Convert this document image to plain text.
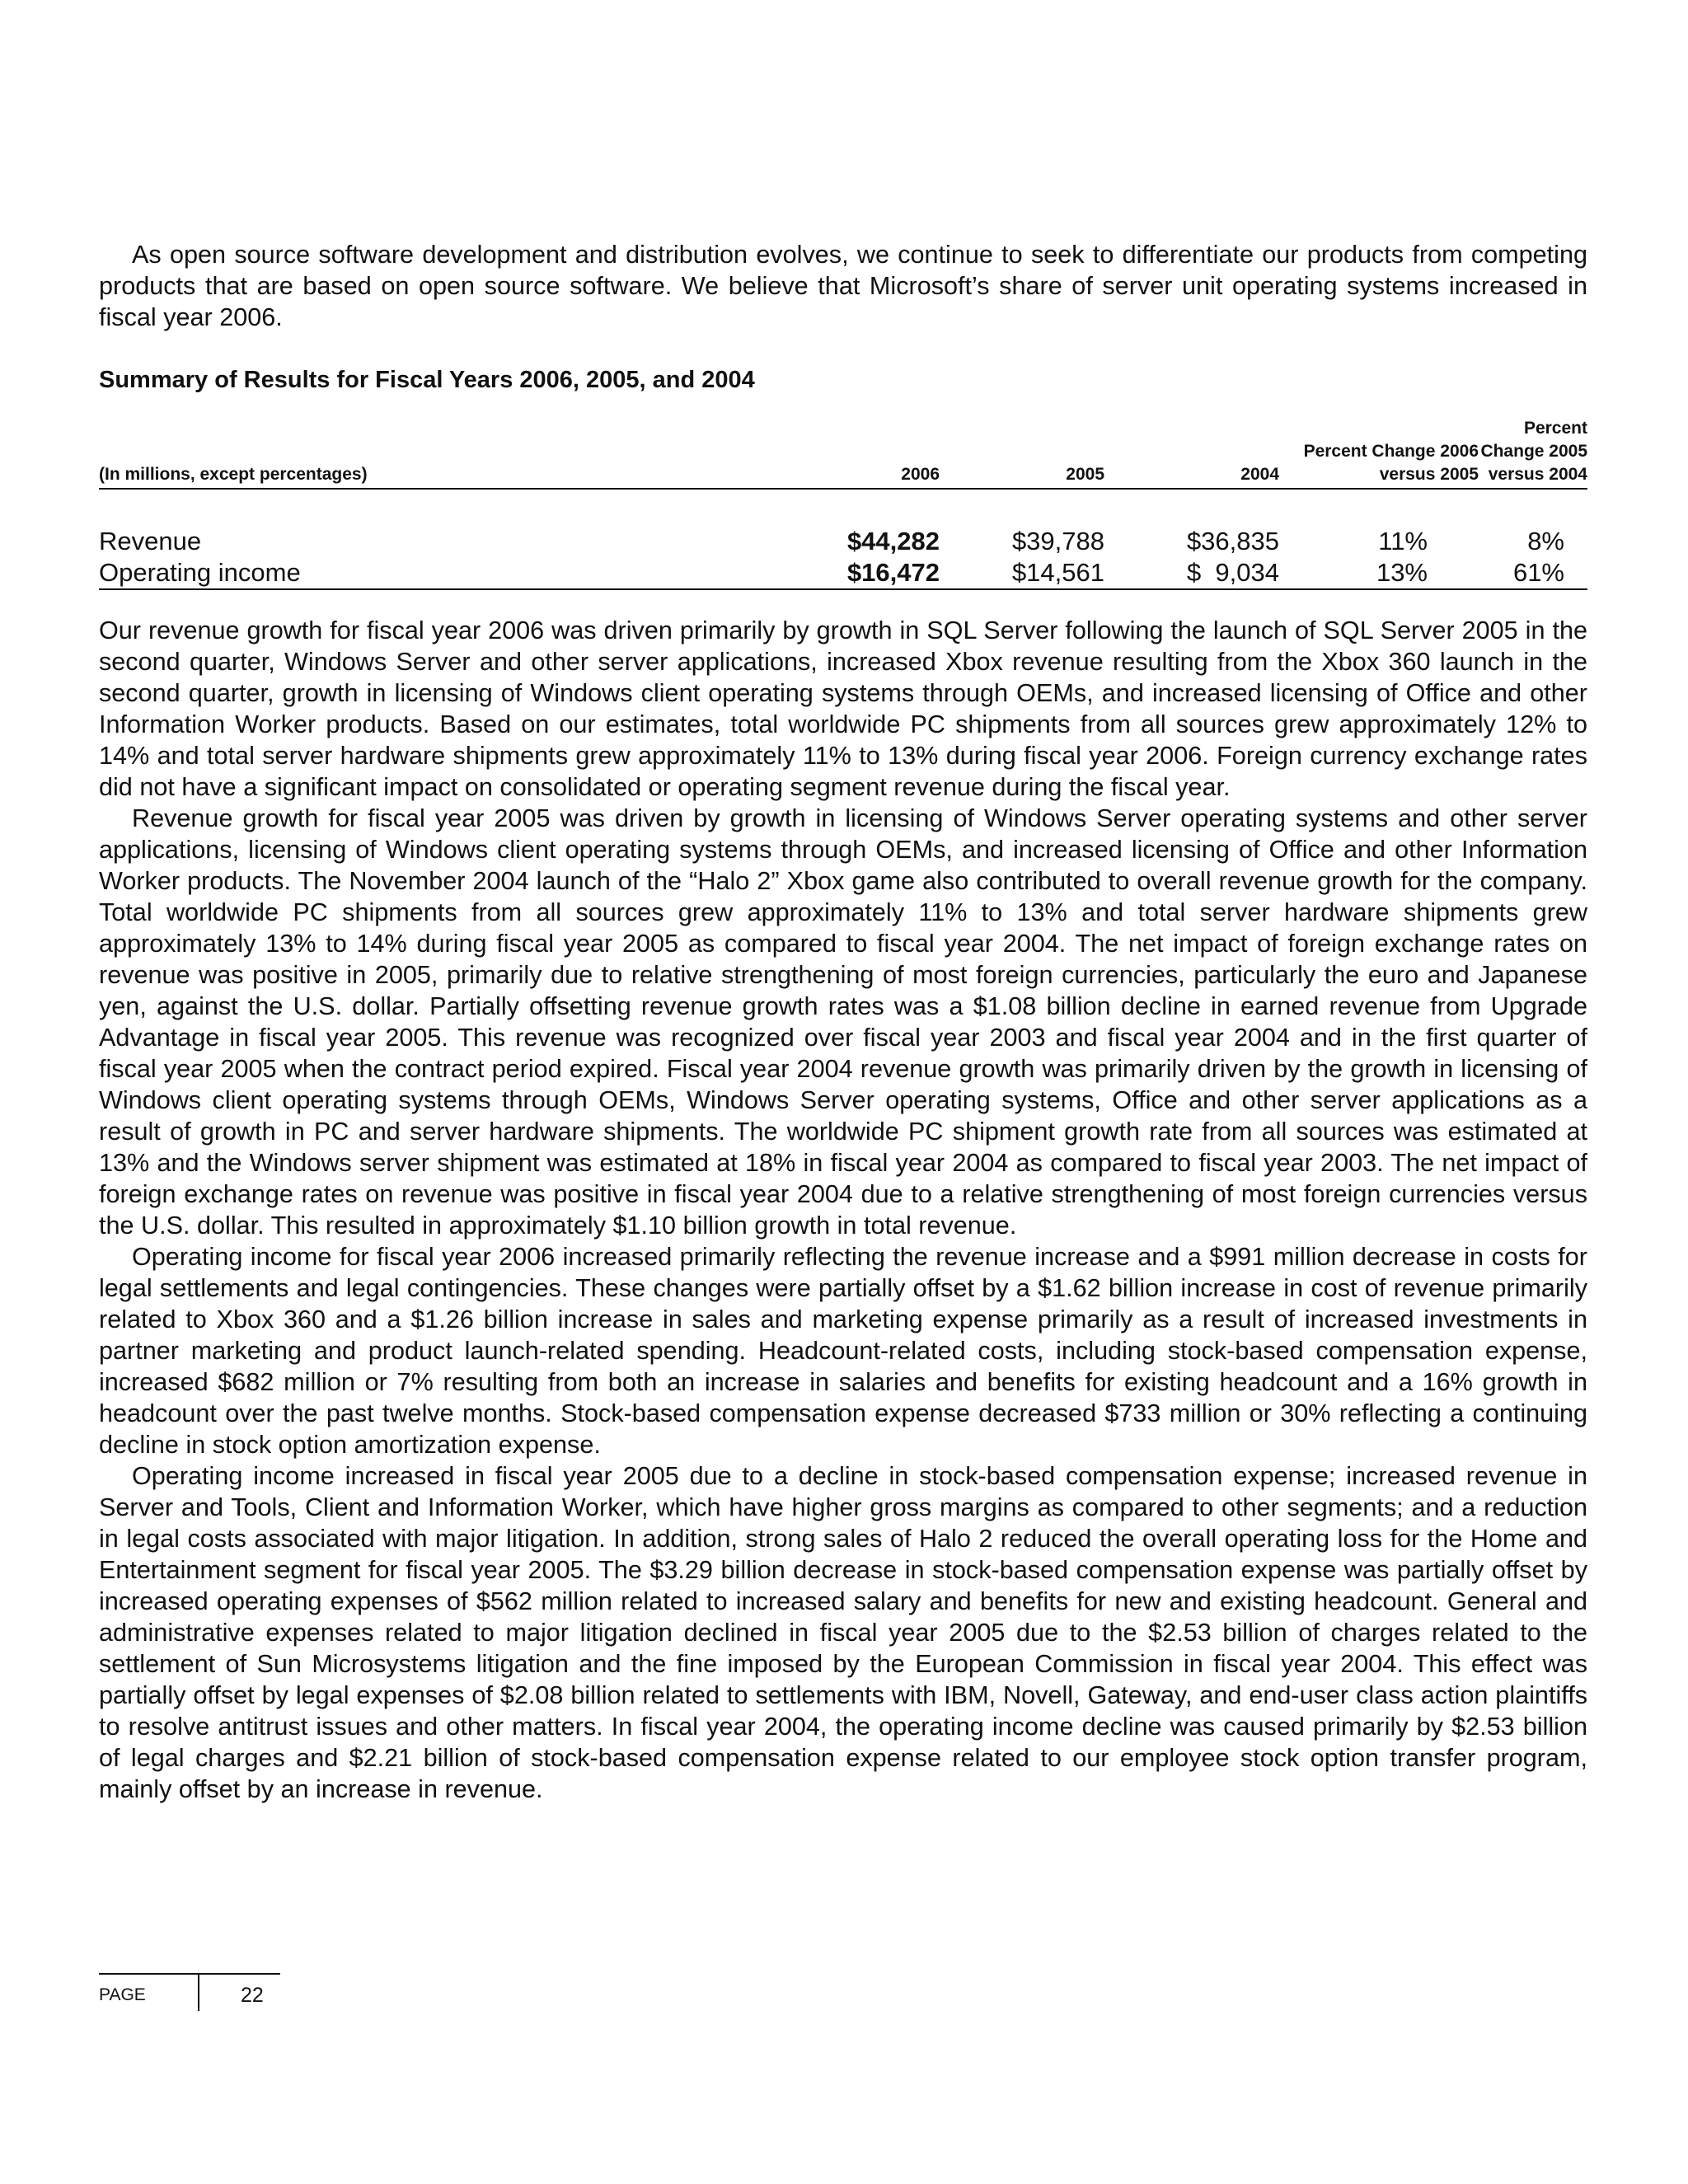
As open source software development and distribution evolves, we continue to seek to differentiate our products from competing products that are based on open source software. We believe that Microsoft’s share of server unit operating systems increased in fiscal year 2006.

Summary of Results for Fiscal Years 2006, 2005, and 2004
(In millions, except percentages)	2006	2005	2004	Percent Change 2006 versus 2005	Percent Change 2005 versus 2004
Revenue	$44,282	$39,788	$36,835	11%	8%
Operating income	$16,472	$14,561	$  9,034	13%	61%

Our revenue growth for fiscal year 2006 was driven primarily by growth in SQL Server following the launch of SQL Server 2005 in the second quarter, Windows Server and other server applications, increased Xbox revenue resulting from the Xbox 360 launch in the second quarter, growth in licensing of Windows client operating systems through OEMs, and increased licensing of Office and other Information Worker products. Based on our estimates, total worldwide PC shipments from all sources grew approximately 12% to 14% and total server hardware shipments grew approximately 11% to 13% during fiscal year 2006. Foreign currency exchange rates did not have a significant impact on consolidated or operating segment revenue during the fiscal year.

Revenue growth for fiscal year 2005 was driven by growth in licensing of Windows Server operating systems and other server applications, licensing of Windows client operating systems through OEMs, and increased licensing of Office and other Information Worker products. The November 2004 launch of the “Halo 2” Xbox game also contributed to overall revenue growth for the company. Total worldwide PC shipments from all sources grew approximately 11% to 13% and total server hardware shipments grew approximately 13% to 14% during fiscal year 2005 as compared to fiscal year 2004. The net impact of foreign exchange rates on revenue was positive in 2005, primarily due to relative strengthening of most foreign currencies, particularly the euro and Japanese yen, against the U.S. dollar. Partially offsetting revenue growth rates was a $1.08 billion decline in earned revenue from Upgrade Advantage in fiscal year 2005. This revenue was recognized over fiscal year 2003 and fiscal year 2004 and in the first quarter of fiscal year 2005 when the contract period expired. Fiscal year 2004 revenue growth was primarily driven by the growth in licensing of Windows client operating systems through OEMs, Windows Server operating systems, Office and other server applications as a result of growth in PC and server hardware shipments. The worldwide PC shipment growth rate from all sources was estimated at 13% and the Windows server shipment was estimated at 18% in fiscal year 2004 as compared to fiscal year 2003. The net impact of foreign exchange rates on revenue was positive in fiscal year 2004 due to a relative strengthening of most foreign currencies versus the U.S. dollar. This resulted in approximately $1.10 billion growth in total revenue.

Operating income for fiscal year 2006 increased primarily reflecting the revenue increase and a $991 million decrease in costs for legal settlements and legal contingencies. These changes were partially offset by a $1.62 billion increase in cost of revenue primarily related to Xbox 360 and a $1.26 billion increase in sales and marketing expense primarily as a result of increased investments in partner marketing and product launch-related spending. Headcount-related costs, including stock-based compensation expense, increased $682 million or 7% resulting from both an increase in salaries and benefits for existing headcount and a 16% growth in headcount over the past twelve months. Stock-based compensation expense decreased $733 million or 30% reflecting a continuing decline in stock option amortization expense.

Operating income increased in fiscal year 2005 due to a decline in stock-based compensation expense; increased revenue in Server and Tools, Client and Information Worker, which have higher gross margins as compared to other segments; and a reduction in legal costs associated with major litigation. In addition, strong sales of Halo 2 reduced the overall operating loss for the Home and Entertainment segment for fiscal year 2005. The $3.29 billion decrease in stock-based compensation expense was partially offset by increased operating expenses of $562 million related to increased salary and benefits for new and existing headcount. General and administrative expenses related to major litigation declined in fiscal year 2005 due to the $2.53 billion of charges related to the settlement of Sun Microsystems litigation and the fine imposed by the European Commission in fiscal year 2004. This effect was partially offset by legal expenses of $2.08 billion related to settlements with IBM, Novell, Gateway, and end-user class action plaintiffs to resolve antitrust issues and other matters. In fiscal year 2004, the operating income decline was caused primarily by $2.53 billion of legal charges and $2.21 billion of stock-based compensation expense related to our employee stock option transfer program, mainly offset by an increase in revenue.

PAGE	22
